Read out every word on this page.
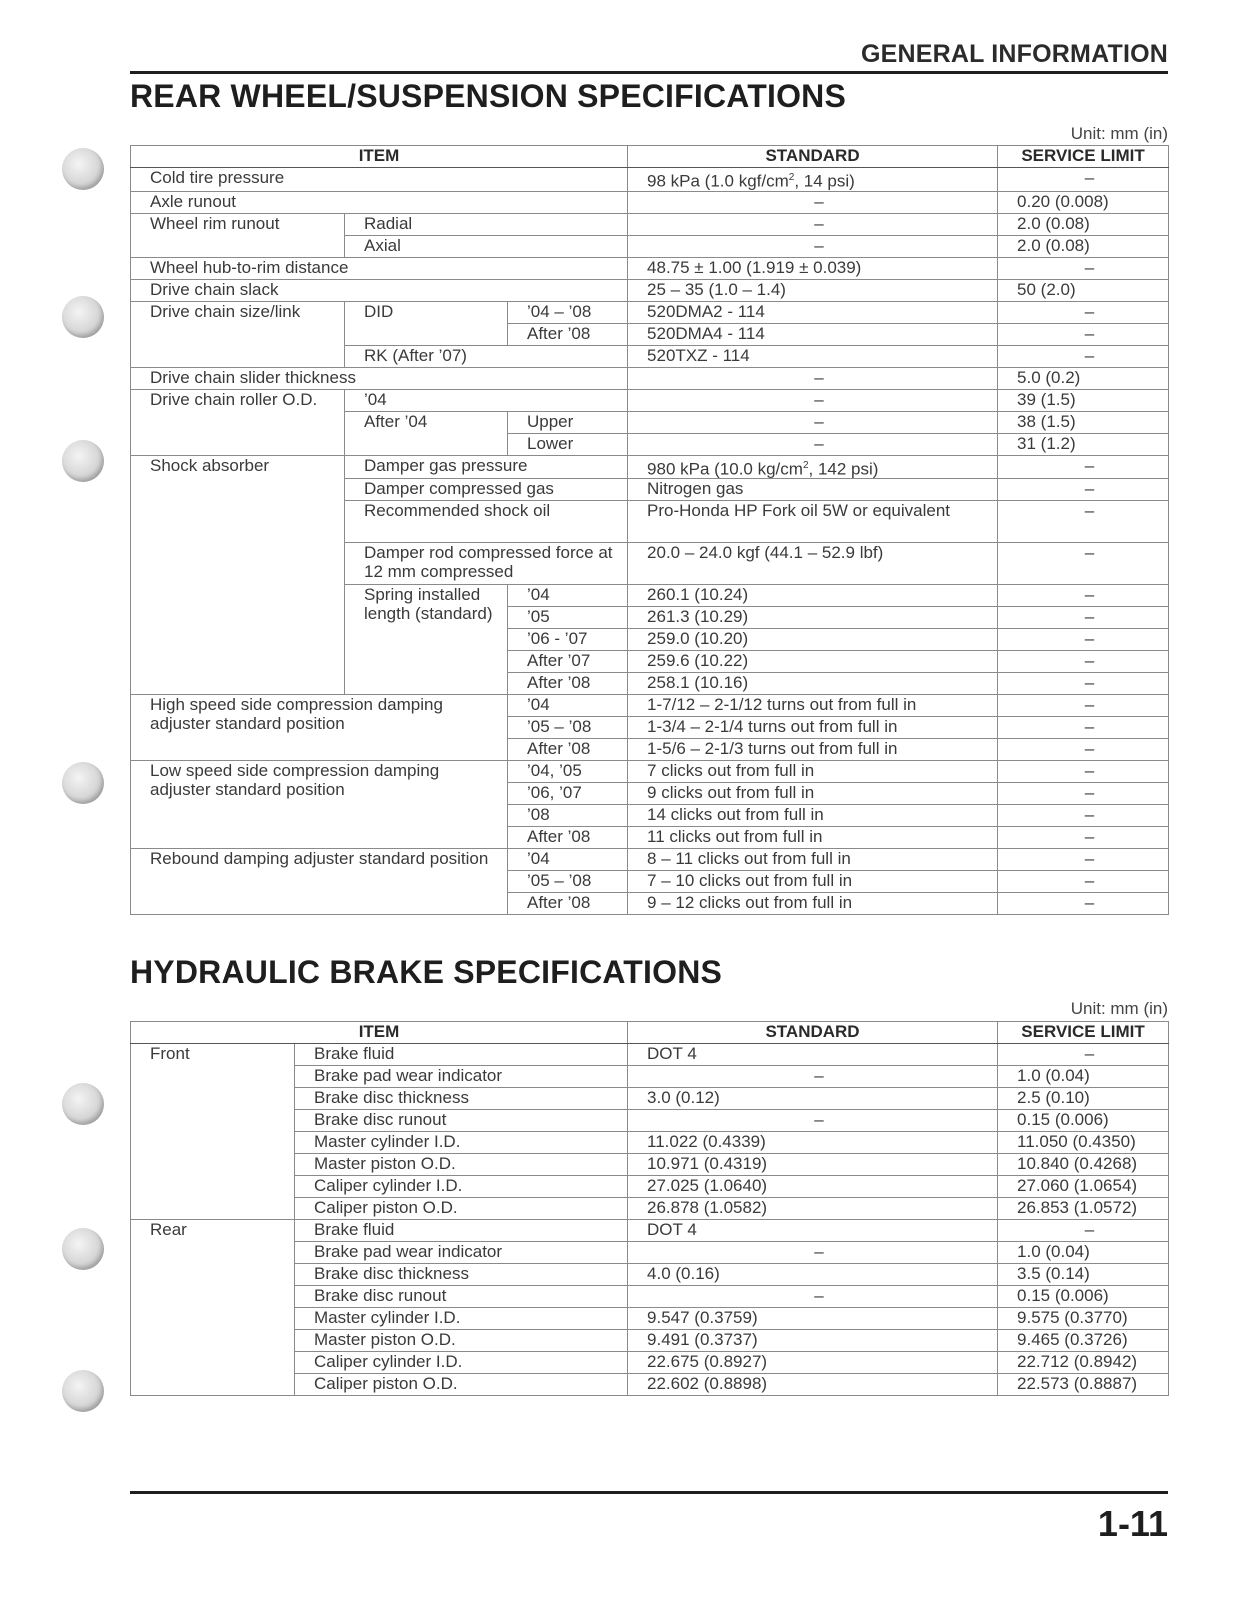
GENERAL INFORMATION
REAR WHEEL/SUSPENSION SPECIFICATIONS
Unit: mm (in)
ITEM			STANDARD	SERVICE LIMIT
Cold tire pressure			98 kPa (1.0 kgf/$cm^2$, 14 psi)	–
Axle runout			–	0.20 (0.008)
Wheel rim runout	Radial		–	2.0 (0.08)
	Axial		–	2.0 (0.08)
Wheel hub-to-rim distance			48.75 ± 1.00 (1.919 ± 0.039)	–
Drive chain slack			25 – 35 (1.0 – 1.4)	50 (2.0)
Drive chain size/link	DID	’04 – ’08	520DMA2 - 114	–
		After ’08	520DMA4 - 114	–
	RK (After ’07)		520TXZ - 114	–
Drive chain slider thickness			–	5.0 (0.2)
Drive chain roller O.D.	’04		–	39 (1.5)
	After ’04	Upper	–	38 (1.5)
		Lower	–	31 (1.2)
Shock absorber	Damper gas pressure		980 kPa (10.0 $kg/cm^2$, 142 psi)	–
	Damper compressed gas		Nitrogen gas	–
	Recommended shock oil		Pro-Honda HP Fork oil 5W or equivalent	–
	Damper rod compressed force at 12 mm compressed		20.0 – 24.0 kgf (44.1 – 52.9 lbf)	–
	Spring installed length (standard)	’04	260.1 (10.24)	–
		’05	261.3 (10.29)	–
		’06 - ’07	259.0 (10.20)	–
		After ’07	259.6 (10.22)	–
		After ’08	258.1 (10.16)	–
High speed side compression damping adjuster standard position		’04	1-7/12 – 2-1/12 turns out from full in	–
		’05 – ’08	1-3/4 – 2-1/4 turns out from full in	–
		After ’08	1-5/6 – 2-1/3 turns out from full in	–
Low speed side compression damping adjuster standard position		’04, ’05	7 clicks out from full in	–
		’06, ’07	9 clicks out from full in	–
		’08	14 clicks out from full in	–
		After ’08	11 clicks out from full in	–
Rebound damping adjuster standard position		’04	8 – 11 clicks out from full in	–
		’05 – ’08	7 – 10 clicks out from full in	–
		After ’08	9 – 12 clicks out from full in	–
HYDRAULIC BRAKE SPECIFICATIONS
Unit: mm (in)
ITEM		STANDARD	SERVICE LIMIT
Front	Brake fluid	DOT 4	–
	Brake pad wear indicator	–	1.0 (0.04)
	Brake disc thickness	3.0 (0.12)	2.5 (0.10)
	Brake disc runout	–	0.15 (0.006)
	Master cylinder I.D.	11.022 (0.4339)	11.050 (0.4350)
	Master piston O.D.	10.971 (0.4319)	10.840 (0.4268)
	Caliper cylinder I.D.	27.025 (1.0640)	27.060 (1.0654)
	Caliper piston O.D.	26.878 (1.0582)	26.853 (1.0572)
Rear	Brake fluid	DOT 4	–
	Brake pad wear indicator	–	1.0 (0.04)
	Brake disc thickness	4.0 (0.16)	3.5 (0.14)
	Brake disc runout	–	0.15 (0.006)
	Master cylinder I.D.	9.547 (0.3759)	9.575 (0.3770)
	Master piston O.D.	9.491 (0.3737)	9.465 (0.3726)
	Caliper cylinder I.D.	22.675 (0.8927)	22.712 (0.8942)
	Caliper piston O.D.	22.602 (0.8898)	22.573 (0.8887)
1-11
